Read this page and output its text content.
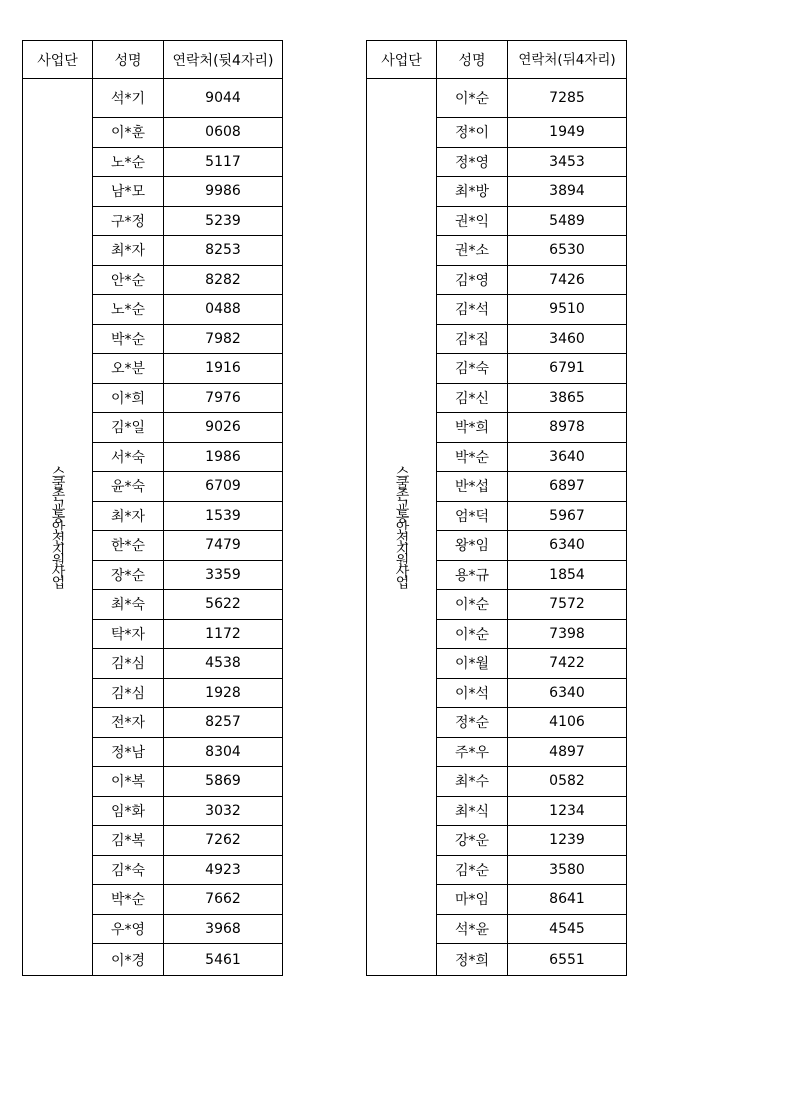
사업단	성명	연락처(뒷4자리)
스쿨존교통안전지원사업	석*기	9044
	이*훈	0608
	노*순	5117
	남*모	9986
	구*정	5239
	최*자	8253
	안*순	8282
	노*순	0488
	박*순	7982
	오*분	1916
	이*희	7976
	김*일	9026
	서*숙	1986
	윤*숙	6709
	최*자	1539
	한*순	7479
	장*순	3359
	최*숙	5622
	탁*자	1172
	김*심	4538
	김*심	1928
	전*자	8257
	정*남	8304
	이*복	5869
	임*화	3032
	김*복	7262
	김*숙	4923
	박*순	7662
	우*영	3968
	이*경	5461
사업단	성명	연락처(뒤4자리)
스쿨존교통안전지원사업	이*순	7285
	정*이	1949
	정*영	3453
	최*방	3894
	권*익	5489
	권*소	6530
	김*영	7426
	김*석	9510
	김*집	3460
	김*숙	6791
	김*신	3865
	박*희	8978
	박*순	3640
	반*섭	6897
	엄*덕	5967
	왕*임	6340
	용*규	1854
	이*순	7572
	이*순	7398
	이*월	7422
	이*석	6340
	정*순	4106
	주*우	4897
	최*수	0582
	최*식	1234
	강*운	1239
	김*순	3580
	마*임	8641
	석*윤	4545
	정*희	6551
